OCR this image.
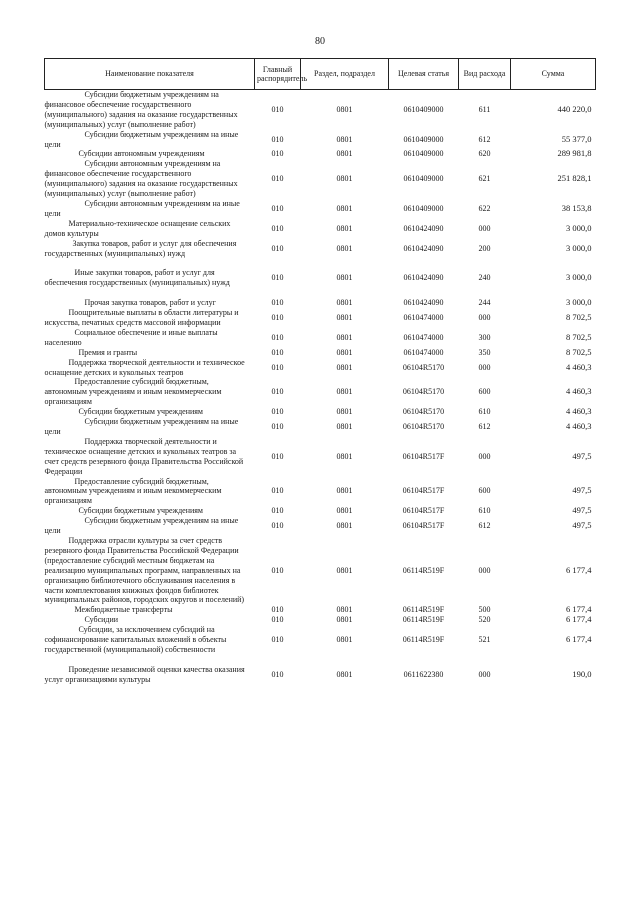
80
Наименование показателя	Главный распорядитель	Раздел, подраздел	Целевая статья	Вид расхода	Сумма
Субсидии бюджетным учреждениям на финансовое обеспечение государственного (муниципального) задания на оказание государственных (муниципальных) услуг (выполнение работ)	010	0801	0610409000	611	440 220,0
Субсидии бюджетным учреждениям на иные цели	010	0801	0610409000	612	55 377,0
Субсидии автономным учреждениям	010	0801	0610409000	620	289 981,8
Субсидии автономным учреждениям на финансовое обеспечение государственного (муниципального) задания на оказание государственных (муниципальных) услуг (выполнение работ)	010	0801	0610409000	621	251 828,1
Субсидии автономным учреждениям на иные цели	010	0801	0610409000	622	38 153,8
Материально-техническое оснащение сельских домов культуры	010	0801	0610424090	000	3 000,0
Закупка товаров, работ и услуг для обеспечения государственных (муниципальных) нужд	010	0801	0610424090	200	3 000,0
Иные закупки товаров, работ и услуг для обеспечения государственных (муниципальных) нужд	010	0801	0610424090	240	3 000,0
Прочая закупка товаров, работ и услуг	010	0801	0610424090	244	3 000,0
Поощрительные выплаты в области литературы и искусства, печатных средств массовой информации	010	0801	0610474000	000	8 702,5
Социальное обеспечение и иные выплаты населению	010	0801	0610474000	300	8 702,5
Премия и гранты	010	0801	0610474000	350	8 702,5
Поддержка творческой деятельности и техническое оснащение детских и кукольных театров	010	0801	06104R5170	000	4 460,3
Предоставление субсидий бюджетным, автономным учреждениям и иным некоммерческим организациям	010	0801	06104R5170	600	4 460,3
Субсидии бюджетным учреждениям	010	0801	06104R5170	610	4 460,3
Субсидии бюджетным учреждениям на иные цели	010	0801	06104R5170	612	4 460,3
Поддержка творческой деятельности и техническое оснащение детских и кукольных театров за счет средств резервного фонда Правительства Российской Федерации	010	0801	06104R517F	000	497,5
Предоставление субсидий бюджетным, автономным учреждениям и иным некоммерческим организациям	010	0801	06104R517F	600	497,5
Субсидии бюджетным учреждениям	010	0801	06104R517F	610	497,5
Субсидии бюджетным учреждениям на иные цели	010	0801	06104R517F	612	497,5
Поддержка отрасли культуры за счет средств резервного фонда Правительства Российской Федерации (предоставление субсидий местным бюджетам на реализацию муниципальных программ, направленных на организацию библиотечного обслуживания населения в части комплектования книжных фондов библиотек муниципальных районов, городских округов и поселений)	010	0801	06114R519F	000	6 177,4
Межбюджетные трансферты	010	0801	06114R519F	500	6 177,4
Субсидии	010	0801	06114R519F	520	6 177,4
Субсидии, за исключением субсидий на софинансирование капитальных вложений в объекты государственной (муниципальной) собственности	010	0801	06114R519F	521	6 177,4
Проведение независимой оценки качества оказания услуг организациями культуры	010	0801	0611622380	000	190,0
